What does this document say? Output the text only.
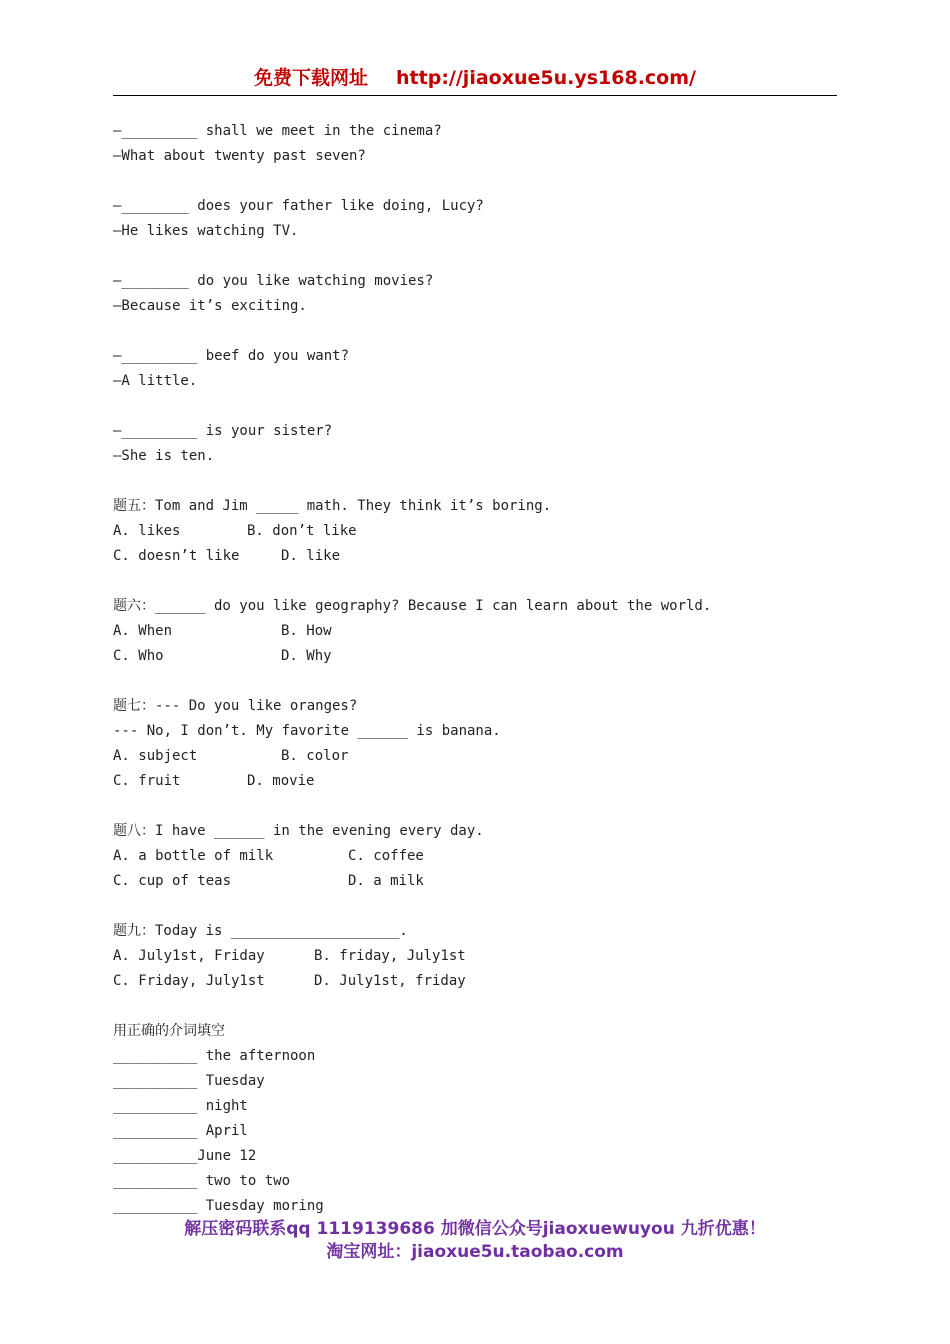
免费下载网址 http://jiaoxue5u.ys168.com/
—_________ shall we meet in the cinema?
—What about twenty past seven?
—________ does your father like doing, Lucy?
—He likes watching TV.
—________ do you like watching movies?
—Because it’s exciting.
—_________ beef do you want?
—A little.
—_________ is your sister?
—She is ten.
题五：Tom and Jim _____ math. They think it’s boring.
A. likes	B. don’t like
C. doesn’t like	D. like
题六：______ do you like geography? Because I can learn about the world.
A. When	B. How
C. Who	D. Why
题七：--- Do you like oranges?
--- No, I don’t. My favorite ______ is banana.
A. subject	B. color
C. fruit	D. movie
题八：I have ______ in the evening every day.
A. a bottle of milk	C. coffee
C. cup of teas	D. a milk
题九：Today is ____________________.
A. July1st, Friday	B. friday, July1st
C. Friday, July1st	D. July1st, friday
用正确的介词填空
__________ the afternoon
__________ Tuesday
__________ night
__________ April
__________June 12
__________ two to two
__________ Tuesday moring
解压密码联系qq 1119139686 加微信公众号jiaoxuewuyou 九折优惠！
淘宝网址：jiaoxue5u.taobao.com
